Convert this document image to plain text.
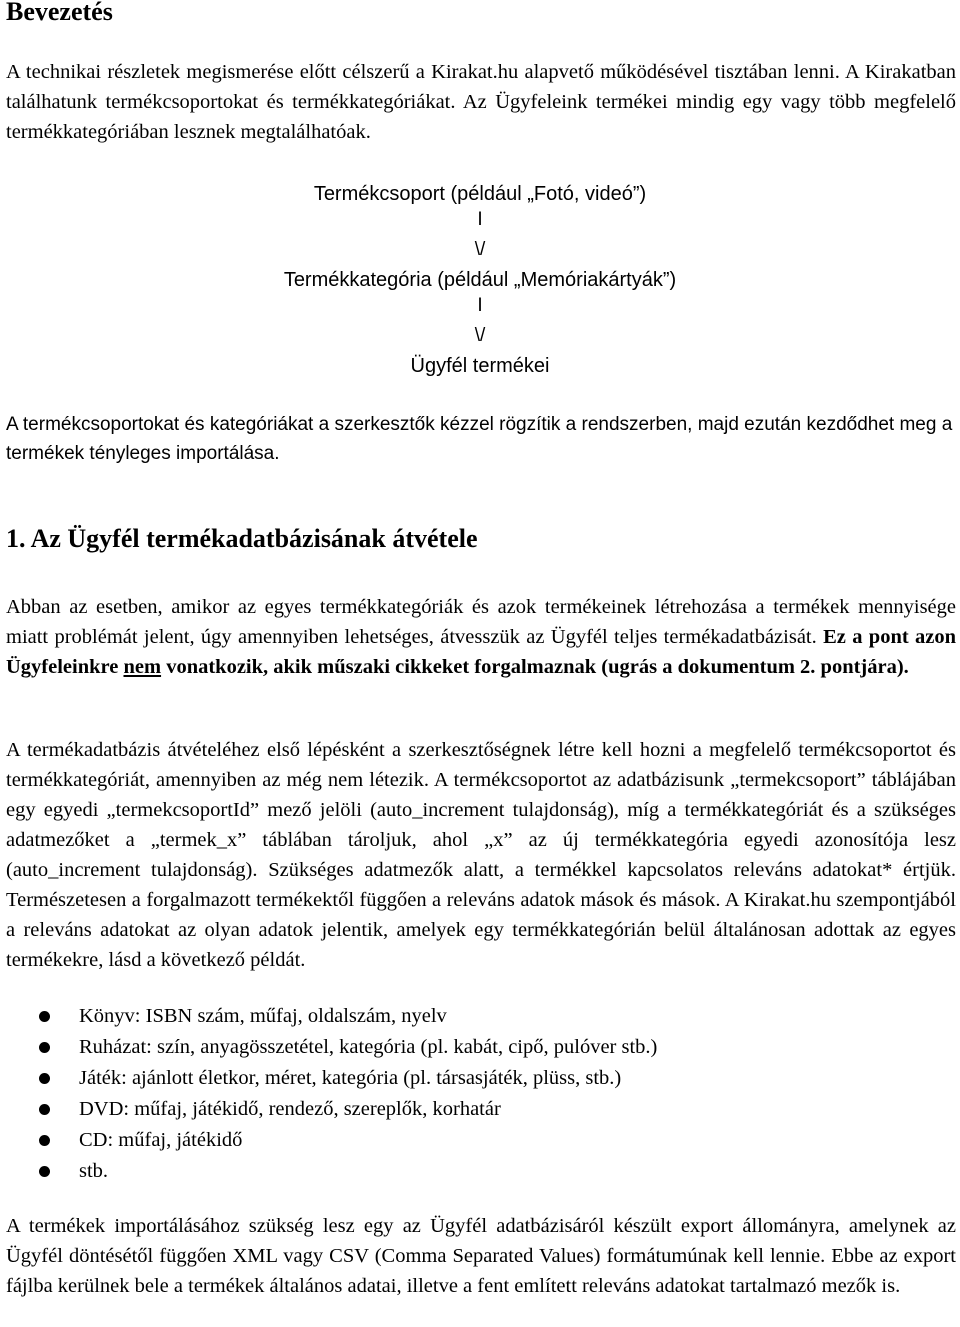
Bevezetés

A technikai részletek megismerése előtt célszerű a Kirakat.hu alapvető működésével tisztában lenni. A Kirakatban találhatunk termékcsoportokat és termékkategóriákat. Az Ügyfeleink termékei mindig egy vagy több megfelelő termékkategóriában lesznek megtalálhatóak.

Termékcsoport (például „Fotó, videó”)
I
\/
Termékkategória (például „Memóriakártyák”)
I
\/
Ügyfél termékei

A termékcsoportokat és kategóriákat a szerkesztők kézzel rögzítik a rendszerben, majd ezután kezdődhet meg a termékek tényleges importálása.

1. Az Ügyfél termékadatbázisának átvétele

Abban az esetben, amikor az egyes termékkategóriák és azok termékeinek létrehozása a termékek mennyisége miatt problémát jelent, úgy amennyiben lehetséges, átvesszük az Ügyfél teljes termékadatbázisát. Ez a pont azon Ügyfeleinkre nem vonatkozik, akik műszaki cikkeket forgalmaznak (ugrás a dokumentum 2. pontjára).

A termékadatbázis átvételéhez első lépésként a szerkesztőségnek létre kell hozni a megfelelő termékcsoportot és termékkategóriát, amennyiben az még nem létezik. A termékcsoportot az adatbázisunk „termekcsoport” táblájában egy egyedi „termekcsoportId” mező jelöli (auto_increment tulajdonság), míg a termékkategóriát és a szükséges adatmezőket a „termek_x” táblában tároljuk, ahol „x” az új termékkategória egyedi azonosítója lesz (auto_increment tulajdonság). Szükséges adatmezők alatt, a termékkel kapcsolatos releváns adatokat* értjük. Természetesen a forgalmazott termékektől függően a releváns adatok mások és mások. A Kirakat.hu szempontjából a releváns adatokat az olyan adatok jelentik, amelyek egy termékkategórián belül általánosan adottak az egyes termékekre, lásd a következő példát.

Könyv: ISBN szám, műfaj, oldalszám, nyelv
Ruházat: szín, anyagösszetétel, kategória (pl. kabát, cipő, pulóver stb.)
Játék: ajánlott életkor, méret, kategória (pl. társasjáték, plüss, stb.)
DVD: műfaj, játékidő, rendező, szereplők, korhatár
CD: műfaj, játékidő
stb.

A termékek importálásához szükség lesz egy az Ügyfél adatbázisáról készült export állományra, amelynek az Ügyfél döntésétől függően XML vagy CSV (Comma Separated Values) formátumúnak kell lennie. Ebbe az export fájlba kerülnek bele a termékek általános adatai, illetve a fent említett releváns adatokat tartalmazó mezők is.
